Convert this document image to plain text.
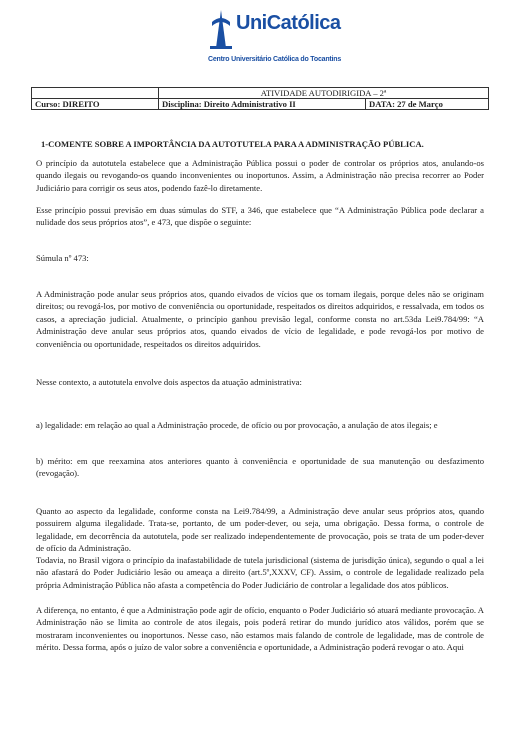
UniCatólica
Centro Universitário Católica do Tocantins
	ATIVIDADE AUTODIRIGIDA – 2ª	
Curso: DIREITO	Disciplina: Direito Administrativo II	DATA: 27 de Março
1-COMENTE SOBRE A IMPORTÂNCIA DA AUTOTUTELA PARA A ADMINISTRAÇÃO PÚBLICA.

O princípio da autotutela estabelece que a Administração Pública possui o poder de controlar os próprios atos, anulando-os quando ilegais ou revogando-os quando inconvenientes ou inoportunos. Assim, a Administração não precisa recorrer ao Poder Judiciário para corrigir os seus atos, podendo fazê-lo diretamente.

Esse princípio possui previsão em duas súmulas do STF, a 346, que estabelece que “A Administração Pública pode declarar a nulidade dos seus próprios atos”, e 473, que dispõe o seguinte:

Súmula nº 473:

A Administração pode anular seus próprios atos, quando eivados de vícios que os tornam ilegais, porque deles não se originam direitos; ou revogá-los, por motivo de conveniência ou oportunidade, respeitados os direitos adquiridos, e ressalvada, em todos os casos, a apreciação judicial. Atualmente, o princípio ganhou previsão legal, conforme consta no art.53da Lei9.784/99: “A Administração deve anular seus próprios atos, quando eivados de vício de legalidade, e pode revogá-los por motivo de conveniência ou oportunidade, respeitados os direitos adquiridos.

Nesse contexto, a autotutela envolve dois aspectos da atuação administrativa:

a) legalidade: em relação ao qual a Administração procede, de ofício ou por provocação, a anulação de atos ilegais; e

b) mérito: em que reexamina atos anteriores quanto à conveniência e oportunidade de sua manutenção ou desfazimento (revogação).

Quanto ao aspecto da legalidade, conforme consta na Lei9.784/99, a Administração deve anular seus próprios atos, quando possuirem alguma ilegalidade. Trata-se, portanto, de um poder-dever, ou seja, uma obrigação. Dessa forma, o controle de legalidade, em decorrência da autotutela, pode ser realizado independentemente de provocação, pois se trata de um poder-dever de ofício da Administração.

Todavia, no Brasil vigora o princípio da inafastabilidade de tutela jurisdicional (sistema de jurisdição única), segundo o qual a lei não afastará do Poder Judiciário lesão ou ameaça a direito (art.5º,XXXV, CF). Assim, o controle de legalidade realizado pela própria Administração Pública não afasta a competência do Poder Judiciário de controlar a legalidade dos atos públicos.

A diferença, no entanto, é que a Administração pode agir de ofício, enquanto o Poder Judiciário só atuará mediante provocação. A Administração não se limita ao controle de atos ilegais, pois poderá retirar do mundo jurídico atos válidos, porém que se mostraram inconvenientes ou inoportunos. Nesse caso, não estamos mais falando de controle de legalidade, mas de controle de mérito. Dessa forma, após o juízo de valor sobre a conveniência e oportunidade, a Administração poderá revogar o ato. Aqui
